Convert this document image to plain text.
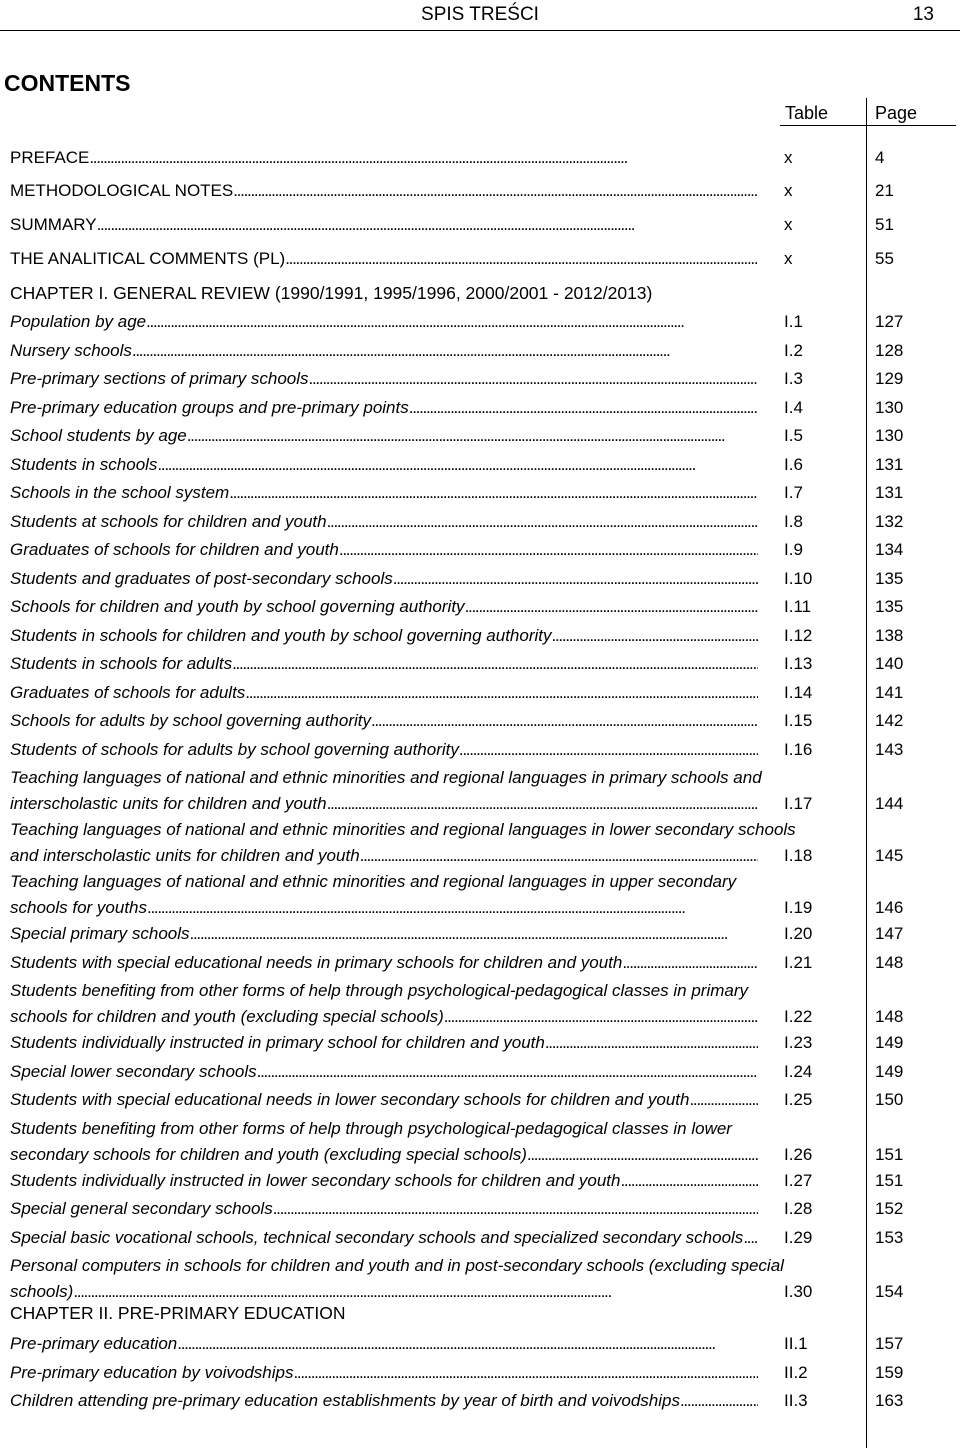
SPIS TREŚCI	13
CONTENTS
Table	Page
PREFACE . . .	x	4
METHODOLOGICAL NOTES . . .	x	21
SUMMARY . . .	x	51
THE ANALITICAL COMMENTS (PL) . . .	x	55
CHAPTER I. GENERAL REVIEW (1990/1991, 1995/1996, 2000/2001 - 2012/2013)
Population by age . . .	I.1	127
Nursery schools . . .	I.2	128
Pre-primary sections of primary schools . . .	I.3	129
Pre-primary education groups and pre-primary points . . .	I.4	130
School students by age . . .	I.5	130
Students in schools . . .	I.6	131
Schools in the school system . . .	I.7	131
Students at schools for children and youth . . .	I.8	132
Graduates of schools for children and youth . . .	I.9	134
Students and graduates of post-secondary schools . . .	I.10	135
Schools for children and youth by school governing authority . . .	I.11	135
Students in schools for children and youth by school governing authority . . .	I.12	138
Students in schools for adults . . .	I.13	140
Graduates of schools for adults . . .	I.14	141
Schools for adults by school governing authority . . .	I.15	142
Students of schools for adults by school governing authority . . .	I.16	143
Teaching languages of national and ethnic minorities and regional languages in primary schools and
interscholastic units for children and youth . . .	I.17	144
Teaching languages of national and ethnic minorities and regional languages in lower secondary schools
and interscholastic units for children and youth . . .	I.18	145
Teaching languages of national and ethnic minorities and regional languages in upper secondary
schools for youths . . .	I.19	146
Special primary schools . . .	I.20	147
Students with special educational needs in primary schools for children and youth . . .	I.21	148
Students benefiting from other forms of help through psychological-pedagogical classes in primary
schools for children and youth (excluding special schools) . . .	I.22	148
Students individually instructed in primary school for children and youth . . .	I.23	149
Special lower secondary schools . . .	I.24	149
Students with special educational needs in lower secondary schools for children and youth . . .	I.25	150
Students benefiting from other forms of help through psychological-pedagogical classes in lower
secondary schools for children and youth (excluding special schools) . . .	I.26	151
Students individually instructed in lower secondary schools for children and youth . . .	I.27	151
Special general secondary schools . . .	I.28	152
Special basic vocational schools, technical secondary schools and specialized secondary schools . . . I.29	153
Personal computers in schools for children and youth and in post-secondary schools (excluding special
schools) . . .	I.30	154
CHAPTER II. PRE-PRIMARY EDUCATION
Pre-primary education . . .	II.1	157
Pre-primary education by voivodships . . .	II.2	159
Children attending pre-primary education establishments by year of birth and voivodships . . .	II.3	163
